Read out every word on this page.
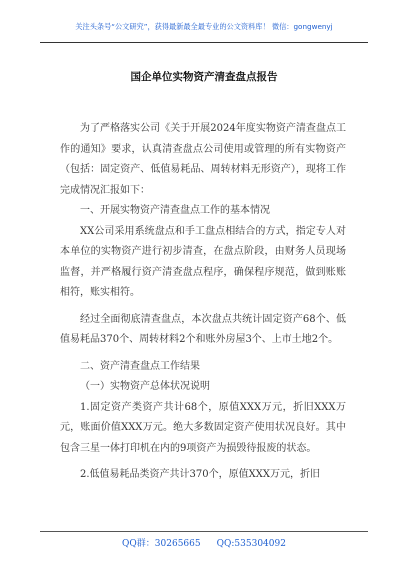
关注头条号“公文研究”，获得最新最全最专业的公文资料库！ 微信：gongwenyj
国企单位实物资产清查盘点报告

为了严格落实公司《关于开展2024年度实物资产清查盘点工作的通知》要求，认真清查盘点公司使用或管理的所有实物资产（包括：固定资产、低值易耗品、周转材料无形资产），现将工作完成情况汇报如下：

一、开展实物资产清查盘点工作的基本情况

XX公司采用系统盘点和手工盘点相结合的方式，指定专人对本单位的实物资产进行初步清查，在盘点阶段，由财务人员现场监督，并严格履行资产清查盘点程序，确保程序规范，做到账账相符，账实相符。

经过全面彻底清查盘点，本次盘点共统计固定资产68个、低值易耗品370个、周转材料2个和账外房屋3个、上市土地2个。

二、资产清查盘点工作结果

（一）实物资产总体状况说明

1.固定资产类资产共计68个，原值XXX万元，折旧XXX万元，账面价值XXX万元。绝大多数固定资产使用状况良好。其中包含三星一体打印机在内的9项资产为损毁待报废的状态。

2.低值易耗品类资产共计370个，原值XXX万元，折旧

QQ群：30265665 QQ:535304092
